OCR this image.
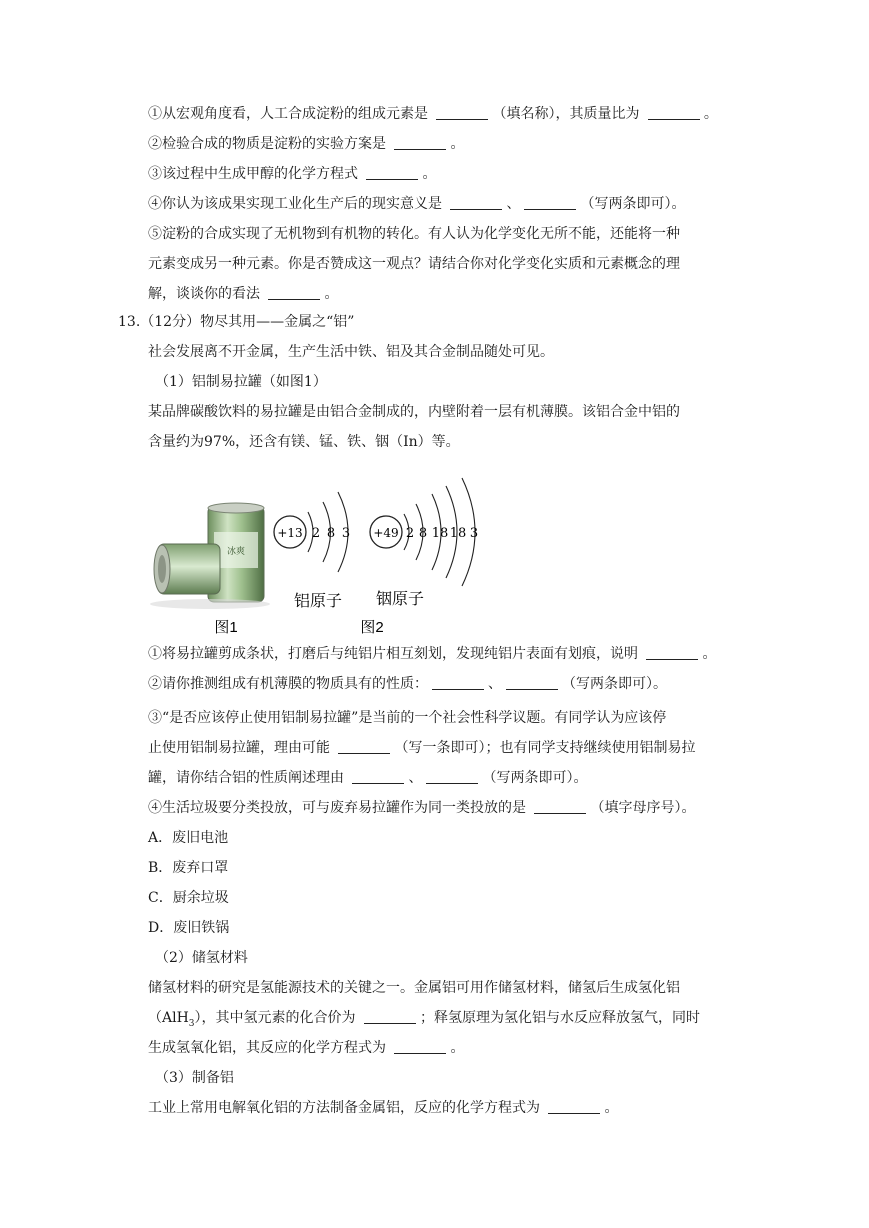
①从宏观角度看，人工合成淀粉的组成元素是	（填名称），其质量比为	。
②检验合成的物质是淀粉的实验方案是	。
③该过程中生成甲醇的化学方程式	。
④你认为该成果实现工业化生产后的现实意义是	、	（写两条即可）。
⑤淀粉的合成实现了无机物到有机物的转化。有人认为化学变化无所不能，还能将一种
元素变成另一种元素。你是否赞成这一观点？请结合你对化学变化实质和元素概念的理
解，谈谈你的看法	。
13.（12分）物尽其用——金属之“铝”
社会发展离不开金属，生产生活中铁、铝及其合金制品随处可见。
（1）铝制易拉罐（如图1）
某品牌碳酸饮料的易拉罐是由铝合金制成的，内壁附着一层有机薄膜。该铝合金中铝的
含量约为97%，还含有镁、锰、铁、铟（In）等。
冰爽
图1
+13 2 8 3
铝原子
图2
+49 2 8 18 18 3
铟原子
①将易拉罐剪成条状，打磨后与纯铝片相互刻划，发现纯铝片表面有划痕，说明	。
②请你推测组成有机薄膜的物质具有的性质：	、	（写两条即可）。
③“是否应该停止使用铝制易拉罐”是当前的一个社会性科学议题。有同学认为应该停
止使用铝制易拉罐，理由可能	（写一条即可）；也有同学支持继续使用铝制易拉
罐，请你结合铝的性质阐述理由	、	（写两条即可）。
④生活垃圾要分类投放，可与废弃易拉罐作为同一类投放的是	（填字母序号）。
A．废旧电池
B．废弃口罩
C．厨余垃圾
D．废旧铁锅
（2）储氢材料
储氢材料的研究是氢能源技术的关键之一。金属铝可用作储氢材料，储氢后生成氢化铝
（AlH$_3$），其中氢元素的化合价为	；释氢原理为氢化铝与水反应释放氢气，同时
生成氢氧化铝，其反应的化学方程式为	。
（3）制备铝
工业上常用电解氧化铝的方法制备金属铝，反应的化学方程式为	。
